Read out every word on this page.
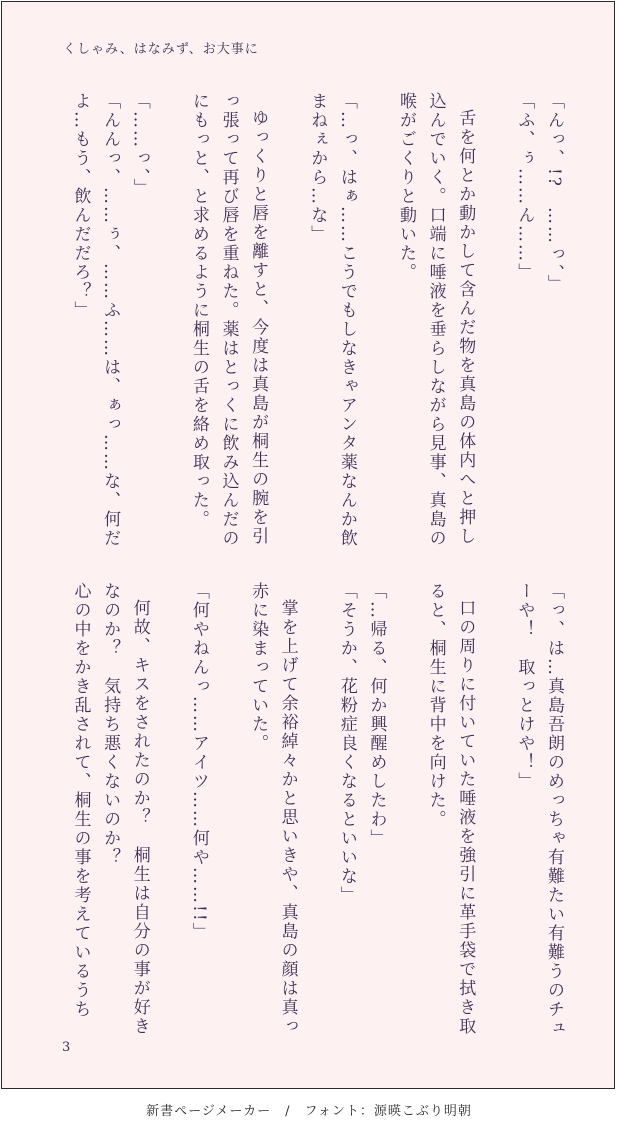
くしゃみ、はなみず、お大事に
「んっ、!?　……っ、」
「ふ、ぅ……ん……」

舌を何とか動かして含んだ物を真島の体内へと押し
込んでいく。口端に唾液を垂らしながら見事、真島の
喉がごくりと動いた。

「…っ、はぁ……こうでもしなきゃアンタ薬なんか飲
まねぇから…な」

ゆっくりと唇を離すと、今度は真島が桐生の腕を引
っ張って再び唇を重ねた。薬はとっくに飲み込んだの
にもっと、と求めるように桐生の舌を絡め取った。

「……っ、」
「んんっ、……ぅ、……ふ……は、ぁっ……な、何だ
よ…もう、飲んだだろ？」
「っ、は…真島吾朗のめっちゃ有難たい有難うのチュ
ーや！　取っとけや！」

口の周りに付いていた唾液を強引に革手袋で拭き取
ると、桐生に背中を向けた。

「…帰る、何か興醒めしたわ」
「そうか、花粉症良くなるといいな」

掌を上げて余裕綽々かと思いきや、真島の顔は真っ
赤に染まっていた。

「何やねんっ……アイツ……何や……!!」

何故、キスをされたのか？　桐生は自分の事が好き
なのか？　気持ち悪くないのか？
心の中をかき乱されて、桐生の事を考えているうち
3
新書ページメーカー　/　フォント：源暎こぶり明朝
